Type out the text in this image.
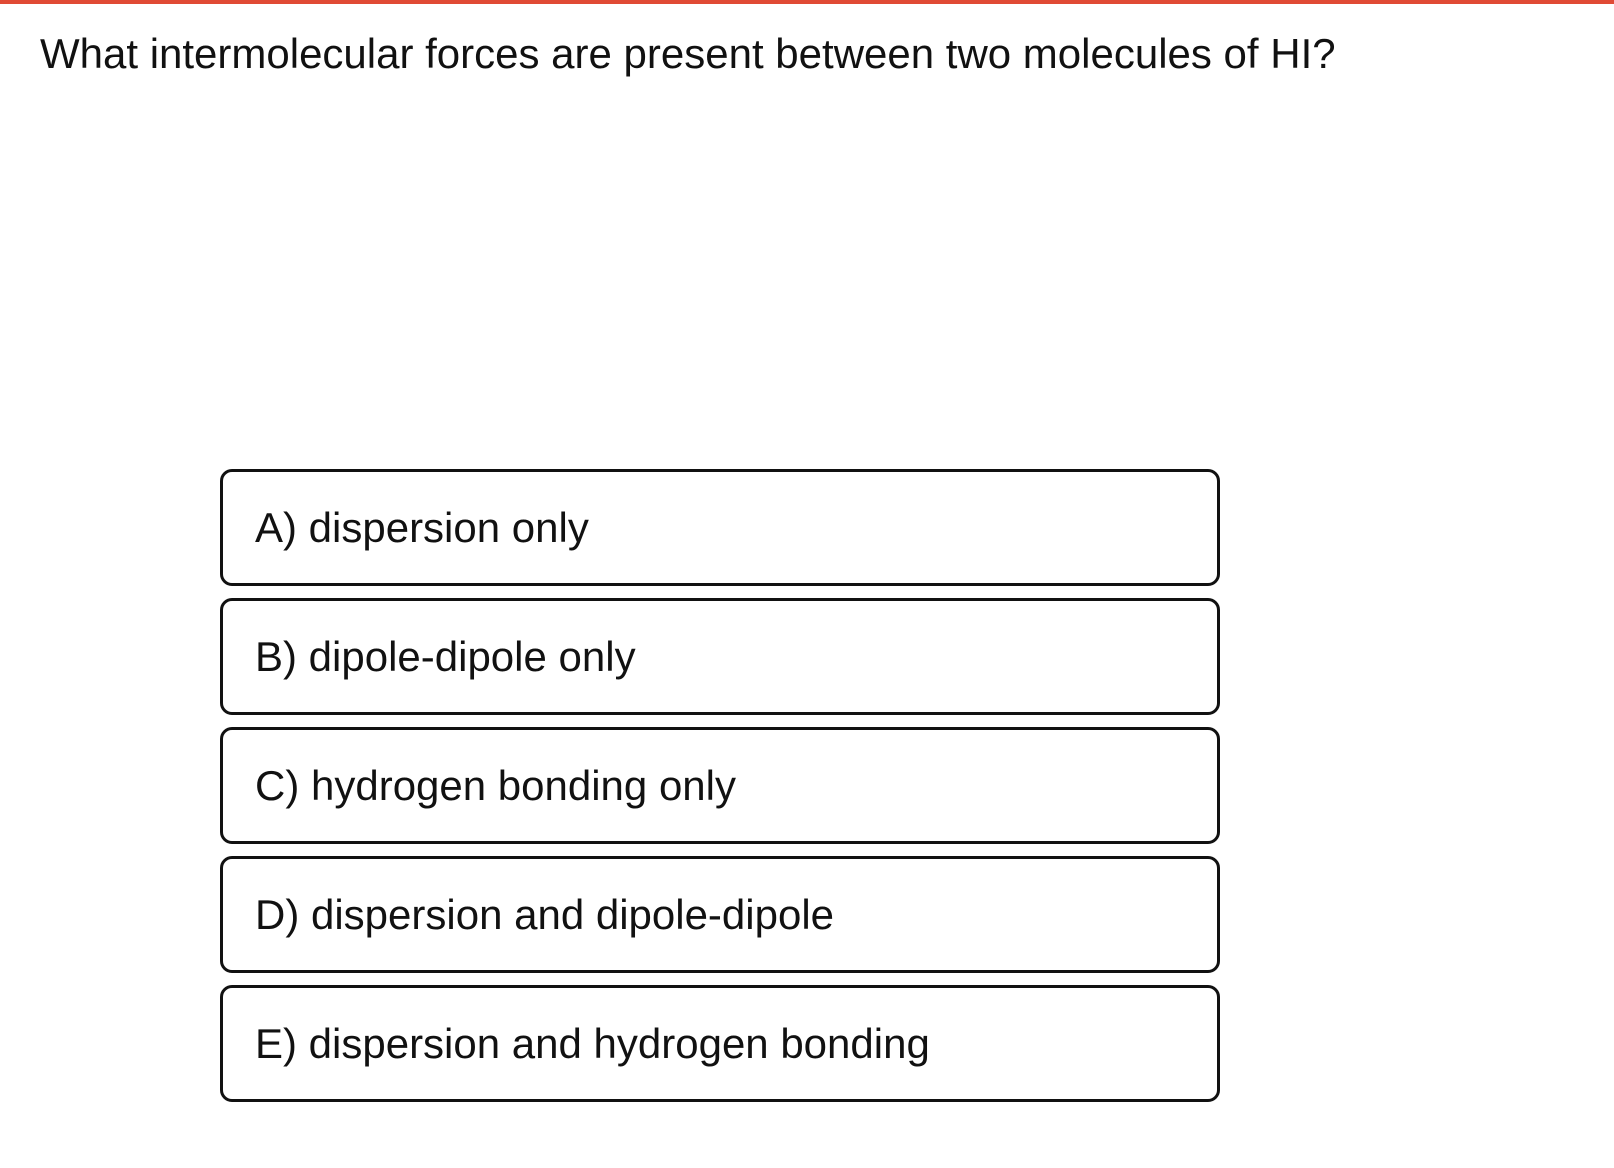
What intermolecular forces are present between two molecules of HI?
A) dispersion only
B) dipole-dipole only
C) hydrogen bonding only
D) dispersion and dipole-dipole
E) dispersion and hydrogen bonding
